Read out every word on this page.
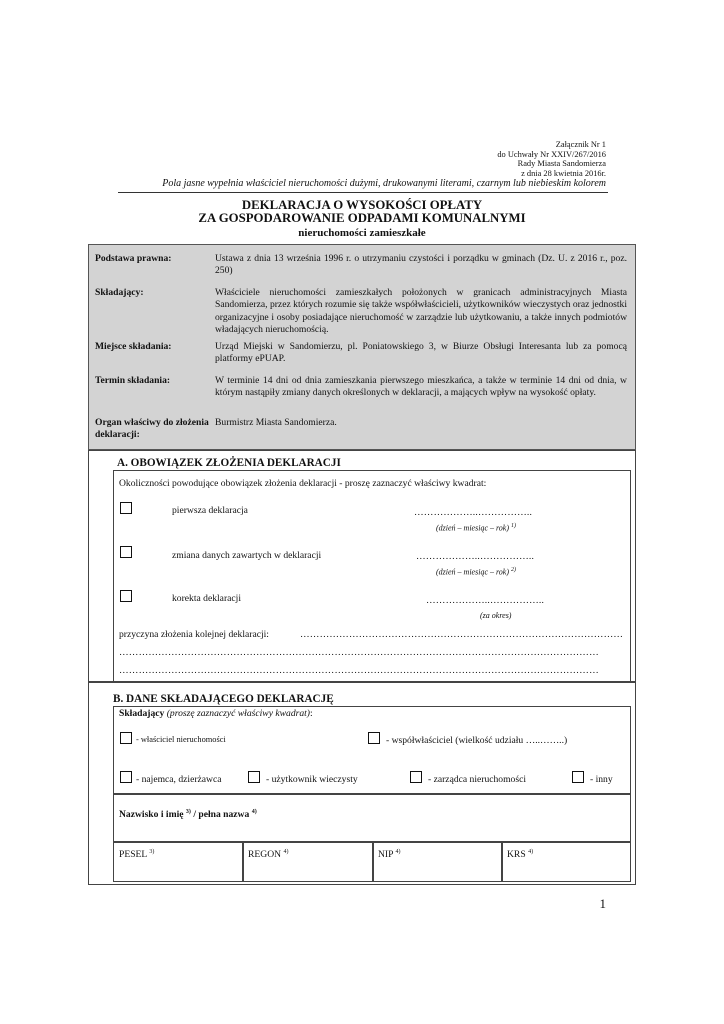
Załącznik Nr 1
do Uchwały Nr XXIV/267/2016
Rady Miasta Sandomierza
z dnia 28 kwietnia 2016r.
Pola jasne wypełnia właściciel nieruchomości dużymi, drukowanymi literami, czarnym lub niebieskim kolorem
DEKLARACJA O WYSOKOŚCI OPŁATY
ZA GOSPODAROWANIE ODPADAMI KOMUNALNYMI
nieruchomości zamieszkałe
Podstawa prawna:	Ustawa z dnia 13 września 1996 r. o utrzymaniu czystości i porządku w gminach (Dz. U. z 2016 r., poz. 250)
Składający:	Właściciele nieruchomości zamieszkałych położonych w granicach administracyjnych Miasta Sandomierza, przez których rozumie się także współwłaścicieli, użytkowników wieczystych oraz jednostki organizacyjne i osoby posiadające nieruchomość w zarządzie lub użytkowaniu, a także innych podmiotów władających nieruchomością.
Miejsce składania:	Urząd Miejski w Sandomierzu, pl. Poniatowskiego 3, w Biurze Obsługi Interesanta lub za pomocą platformy ePUAP.
Termin składania:	W terminie 14 dni od dnia zamieszkania pierwszego mieszkańca, a także w terminie 14 dni od dnia, w którym nastąpiły zmiany danych określonych w deklaracji, a mających wpływ na wysokość opłaty.
Organ właściwy do złożenia deklaracji:
Burmistrz Miasta Sandomierza.
A. OBOWIĄZEK ZŁOŻENIA DEKLARACJI
Okoliczności powodujące obowiązek złożenia deklaracji - proszę zaznaczyć właściwy kwadrat:
pierwsza deklaracja	………………..……………..
(dzień – miesiąc – rok) $^{1)}$
zmiana danych zawartych w deklaracji	………………..……………..
(dzień – miesiąc – rok) $^{2)}$
korekta deklaracji	………………..……………..
(za okres)
przyczyna złożenia kolejnej deklaracji:	………………………………………………………………………………………
…………………………………………………………………………………………………………………………………
…………………………………………………………………………………………………………………………………
B. DANE SKŁADAJĄCEGO DEKLARACJĘ
Składający (proszę zaznaczyć właściwy kwadrat):
- właściciel nieruchomości	- współwłaściciel (wielkość udziału …..……..)
- najemca, dzierżawca	- użytkownik wieczysty	- zarządca nieruchomości	- inny
Nazwisko i imię $^{3)}$ / pełna nazwa $^{4)}$
PESEL $^{3)}$	REGON $^{4)}$	NIP $^{4)}$	KRS $^{4)}$
1
